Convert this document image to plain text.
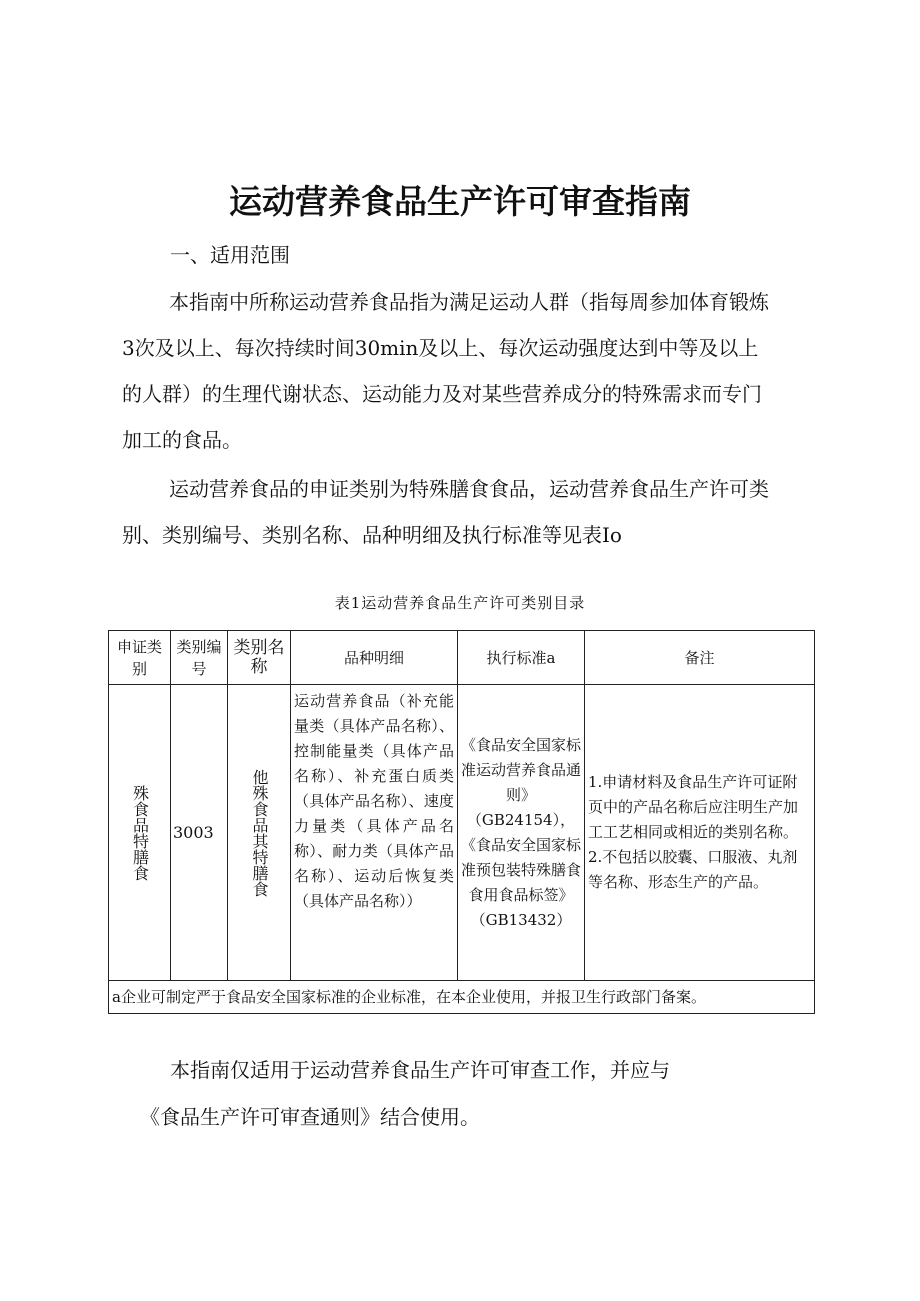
运动营养食品生产许可审查指南
一、适用范围
本指南中所称运动营养食品指为满足运动人群（指每周参加体育锻炼
3次及以上、每次持续时间30min及以上、每次运动强度达到中等及以上
的人群）的生理代谢状态、运动能力及对某些营养成分的特殊需求而专门
加工的食品。
运动营养食品的申证类别为特殊膳食食品，运动营养食品生产许可类
别、类别编号、类别名称、品种明细及执行标准等见表Io
表1运动营养食品生产许可类别目录
申证类别	类别编号	类别名称	品种明细	执行标准a	备注

殊食品特膳食	3003	他殊食品其特膳食	运动营养食品（补充能量类（具体产品名称）、控制能量类（具体产品名称）、补充蛋白质类（具体产品名称）、速度力量类（具体产品名称）、耐力类（具体产品名称）、运动后恢复类（具体产品名称））	《食品安全国家标准运动营养食品通则》（GB24154），《食品安全国家标准预包装特殊膳食食用食品标签》（GB13432）	1.申请材料及食品生产许可证附页中的产品名称后应注明生产加工工艺相同或相近的类别名称。
2.不包括以胶囊、口服液、丸剂等名称、形态生产的产品。

a企业可制定严于食品安全国家标准的企业标准，在本企业使用，并报卫生行政部门备案。					
本指南仅适用于运动营养食品生产许可审查工作，并应与
《食品生产许可审查通则》结合使用。
